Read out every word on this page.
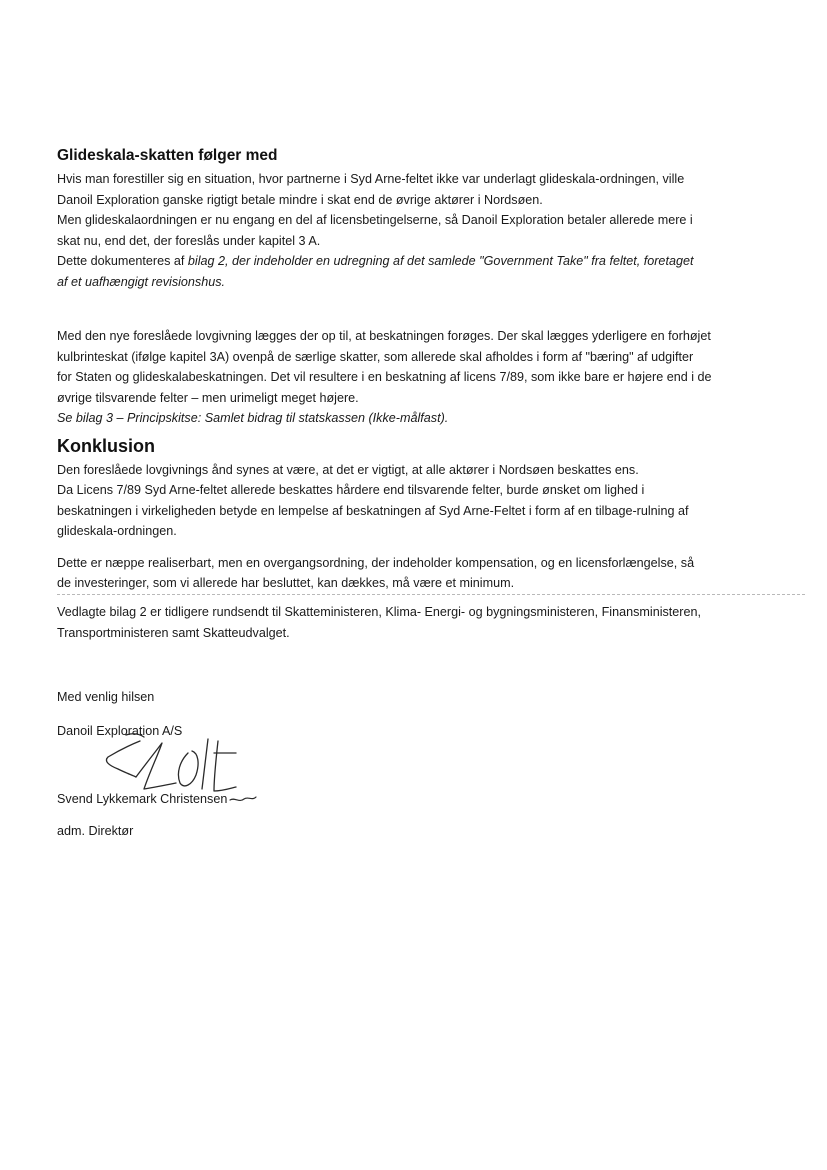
Glideskala-skatten følger med

Hvis man forestiller sig en situation, hvor partnerne i Syd Arne-feltet ikke var underlagt glideskala-ordningen, ville

Danoil Exploration ganske rigtigt betale mindre i skat end de øvrige aktører i Nordsøen.

Men glideskalaordningen er nu engang en del af licensbetingelserne, så Danoil Exploration betaler allerede mere i

skat nu, end det, der foreslås under kapitel 3 A.

Dette dokumenteres af bilag 2, der indeholder en udregning af det samlede "Government Take" fra feltet, foretaget

af et uafhængigt revisionshus.

Med den nye foreslåede lovgivning lægges der op til, at beskatningen forøges. Der skal lægges yderligere en forhøjet

kulbrinteskat (ifølge kapitel 3A) ovenpå de særlige skatter, som allerede skal afholdes i form af "bæring" af udgifter

for Staten og glideskalabeskatningen. Det vil resultere i en beskatning af licens 7/89, som ikke bare er højere end i de

øvrige tilsvarende felter – men urimeligt meget højere.

Se bilag 3 – Principskitse: Samlet bidrag til statskassen (Ikke-målfast).

Konklusion

Den foreslåede lovgivnings ånd synes at være, at det er vigtigt, at alle aktører i Nordsøen beskattes ens.

Da Licens 7/89 Syd Arne-feltet allerede beskattes hårdere end tilsvarende felter, burde ønsket om lighed i

beskatningen i virkeligheden betyde en lempelse af beskatningen af Syd Arne-Feltet i form af en tilbage-rulning af

glideskala-ordningen.

Dette er næppe realiserbart, men en overgangsordning, der indeholder kompensation, og en licensforlængelse, så

de investeringer, som vi allerede har besluttet, kan dækkes, må være et minimum.

Vedlagte bilag 2 er tidligere rundsendt til Skatteministeren, Klima- Energi- og bygningsministeren, Finansministeren,
Transportministeren samt Skatteudvalget.
Med venlig hilsen
Danoil Exploration A/S
Svend Lykkemark Christensen
adm. Direktør
